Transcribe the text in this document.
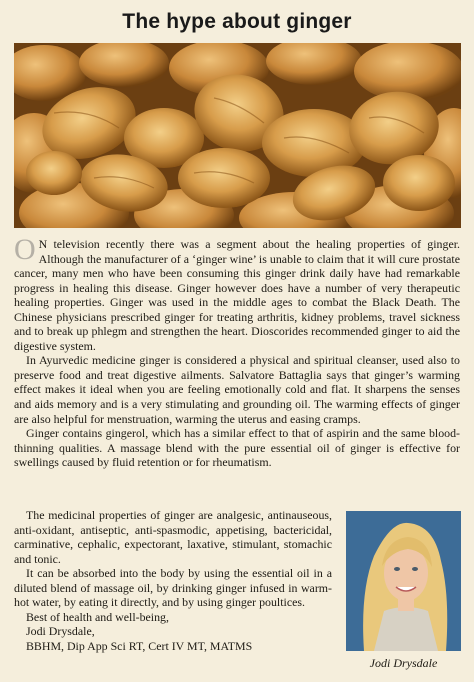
The hype about ginger

O N television recently there was a segment about the healing properties of ginger. Although the manufacturer of a ‘ginger wine’ is unable to claim that it will cure prostate cancer, many men who have been consuming this ginger drink daily have had remarkable progress in healing this disease. Ginger however does have a number of very therapeutic healing properties. Ginger was used in the middle ages to combat the Black Death. The Chinese physicians prescribed ginger for treating arthritis, kidney problems, travel sickness and to break up phlegm and strengthen the heart. Dioscorides recommended ginger to aid the digestive system.

In Ayurvedic medicine ginger is considered a physical and spiritual cleanser, used also to preserve food and treat digestive ailments. Salvatore Battaglia says that ginger’s warming effect makes it ideal when you are feeling emotionally cold and flat. It sharpens the senses and aids memory and is a very stimulating and grounding oil. The warming effects of ginger are also helpful for menstruation, warming the uterus and easing cramps.

Ginger contains gingerol, which has a similar effect to that of aspirin and the same blood-thinning qualities. A massage blend with the pure essential oil of ginger is effective for swellings caused by fluid retention or for rheumatism.

The medicinal properties of ginger are analgesic, antinauseous, anti-oxidant, antiseptic, anti-spasmodic, appetising, bactericidal, carminative, cephalic, expectorant, laxative, stimulant, stomachic and tonic.

It can be absorbed into the body by using the essential oil in a diluted blend of massage oil, by drinking ginger infused in warm-hot water, by eating it directly, and by using ginger poultices.

Best of health and well-being,
Jodi Drysdale,
BBHM, Dip App Sci RT, Cert IV MT, MATMS

Jodi Drysdale
